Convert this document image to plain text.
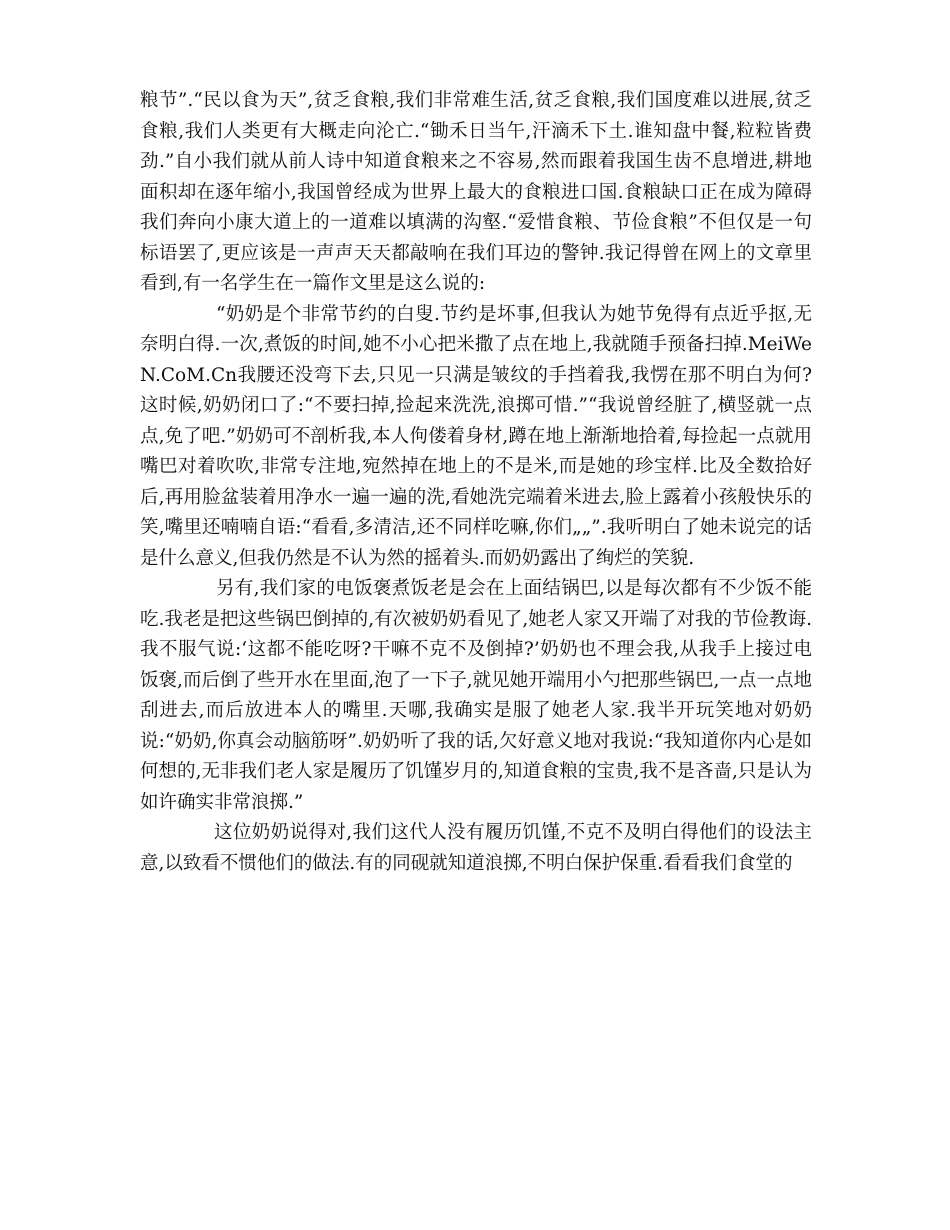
粮节”.“民以食为天”,贫乏食粮,我们非常难生活,贫乏食粮,我们国度难以进展,贫乏食粮,我们人类更有大概走向沦亡.“锄禾日当午,汗滴禾下土.谁知盘中餐,粒粒皆费劲.”自小我们就从前人诗中知道食粮来之不容易,然而跟着我国生齿不息增进,耕地面积却在逐年缩小,我国曾经成为世界上最大的食粮进口国.食粮缺口正在成为障碍我们奔向小康大道上的一道难以填满的沟壑.“爱惜食粮、节俭食粮”不但仅是一句标语罢了,更应该是一声声天天都敲响在我们耳边的警钟.我记得曾在网上的文章里看到,有一名学生在一篇作文里是这么说的:

“奶奶是个非常节约的白叟.节约是坏事,但我认为她节免得有点近乎抠,无奈明白得.一次,煮饭的时间,她不小心把米撒了点在地上,我就随手预备扫掉.MeiWeN.CoM.Cn我腰还没弯下去,只见一只满是皱纹的手挡着我,我愣在那不明白为何?这时候,奶奶闭口了:“不要扫掉,捡起来洗洗,浪掷可惜.”“我说曾经脏了,横竖就一点点,免了吧.”奶奶可不剖析我,本人佝偻着身材,蹲在地上渐渐地拾着,每捡起一点就用嘴巴对着吹吹,非常专注地,宛然掉在地上的不是米,而是她的珍宝样.比及全数拾好后,再用脸盆装着用净水一遍一遍的洗,看她洗完端着米进去,脸上露着小孩般快乐的笑,嘴里还喃喃自语:“看看,多清洁,还不同样吃嘛,你们„„”.我听明白了她未说完的话是什么意义,但我仍然是不认为然的摇着头.而奶奶露出了绚烂的笑貌.

另有,我们家的电饭褒煮饭老是会在上面结锅巴,以是每次都有不少饭不能吃.我老是把这些锅巴倒掉的,有次被奶奶看见了,她老人家又开端了对我的节俭教诲.我不服气说:‘这都不能吃呀?干嘛不克不及倒掉?’奶奶也不理会我,从我手上接过电饭褒,而后倒了些开水在里面,泡了一下子,就见她开端用小勺把那些锅巴,一点一点地刮进去,而后放进本人的嘴里.天哪,我确实是服了她老人家.我半开玩笑地对奶奶说:“奶奶,你真会动脑筋呀”.奶奶听了我的话,欠好意义地对我说:“我知道你内心是如何想的,无非我们老人家是履历了饥馑岁月的,知道食粮的宝贵,我不是吝啬,只是认为如许确实非常浪掷.”

这位奶奶说得对,我们这代人没有履历饥馑,不克不及明白得他们的设法主意,以致看不惯他们的做法.有的同砚就知道浪掷,不明白保护保重.看看我们食堂的
